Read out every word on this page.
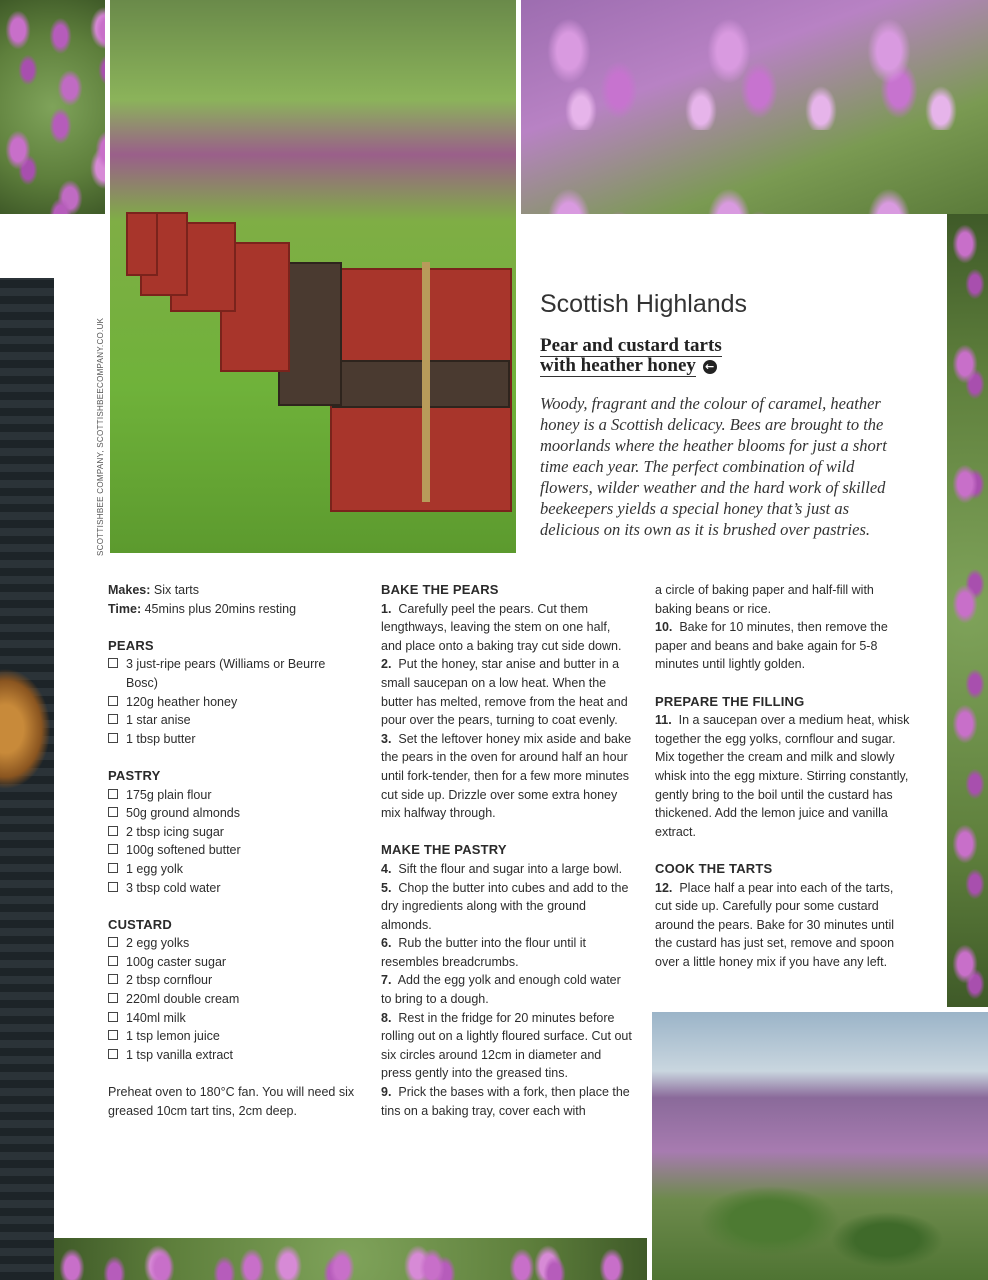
SCOTTISHBEE COMPANY, SCOTTISHBEECOMPANY.CO.UK
Scottish Highlands
Pear and custard tarts
with heather honey ←

Woody, fragrant and the colour of caramel, heather honey is a Scottish delicacy. Bees are brought to the moorlands where the heather blooms for just a short time each year. The perfect combination of wild flowers, wilder weather and the hard work of skilled beekeepers yields a special honey that’s just as delicious on its own as it is brushed over pastries.

Makes: Six tarts

Time: 45mins plus 20mins resting

PEARS

3 just-ripe pears (Williams or Beurre Bosc)

120g heather honey

1 star anise

1 tbsp butter

PASTRY

175g plain flour

50g ground almonds

2 tbsp icing sugar

100g softened butter

1 egg yolk

3 tbsp cold water

CUSTARD

2 egg yolks

100g caster sugar

2 tbsp cornflour

220ml double cream

140ml milk

1 tsp lemon juice

1 tsp vanilla extract

Preheat oven to 180°C fan. You will need six greased 10cm tart tins, 2cm deep.

BAKE THE PEARS

1. Carefully peel the pears. Cut them lengthways, leaving the stem on one half, and place onto a baking tray cut side down.

2. Put the honey, star anise and butter in a small saucepan on a low heat. When the butter has melted, remove from the heat and pour over the pears, turning to coat evenly.

3. Set the leftover honey mix aside and bake the pears in the oven for around half an hour until fork-tender, then for a few more minutes cut side up. Drizzle over some extra honey mix halfway through.

MAKE THE PASTRY

4. Sift the flour and sugar into a large bowl.

5. Chop the butter into cubes and add to the dry ingredients along with the ground almonds.

6. Rub the butter into the flour until it resembles breadcrumbs.

7. Add the egg yolk and enough cold water to bring to a dough.

8. Rest in the fridge for 20 minutes before rolling out on a lightly floured surface. Cut out six circles around 12cm in diameter and press gently into the greased tins.

9. Prick the bases with a fork, then place the tins on a baking tray, cover each with

a circle of baking paper and half-fill with baking beans or rice.

10. Bake for 10 minutes, then remove the paper and beans and bake again for 5-8 minutes until lightly golden.

PREPARE THE FILLING

11. In a saucepan over a medium heat, whisk together the egg yolks, cornflour and sugar. Mix together the cream and milk and slowly whisk into the egg mixture. Stirring constantly, gently bring to the boil until the custard has thickened. Add the lemon juice and vanilla extract.

COOK THE TARTS

12. Place half a pear into each of the tarts, cut side up. Carefully pour some custard around the pears. Bake for 30 minutes until the custard has just set, remove and spoon over a little honey mix if you have any left.
